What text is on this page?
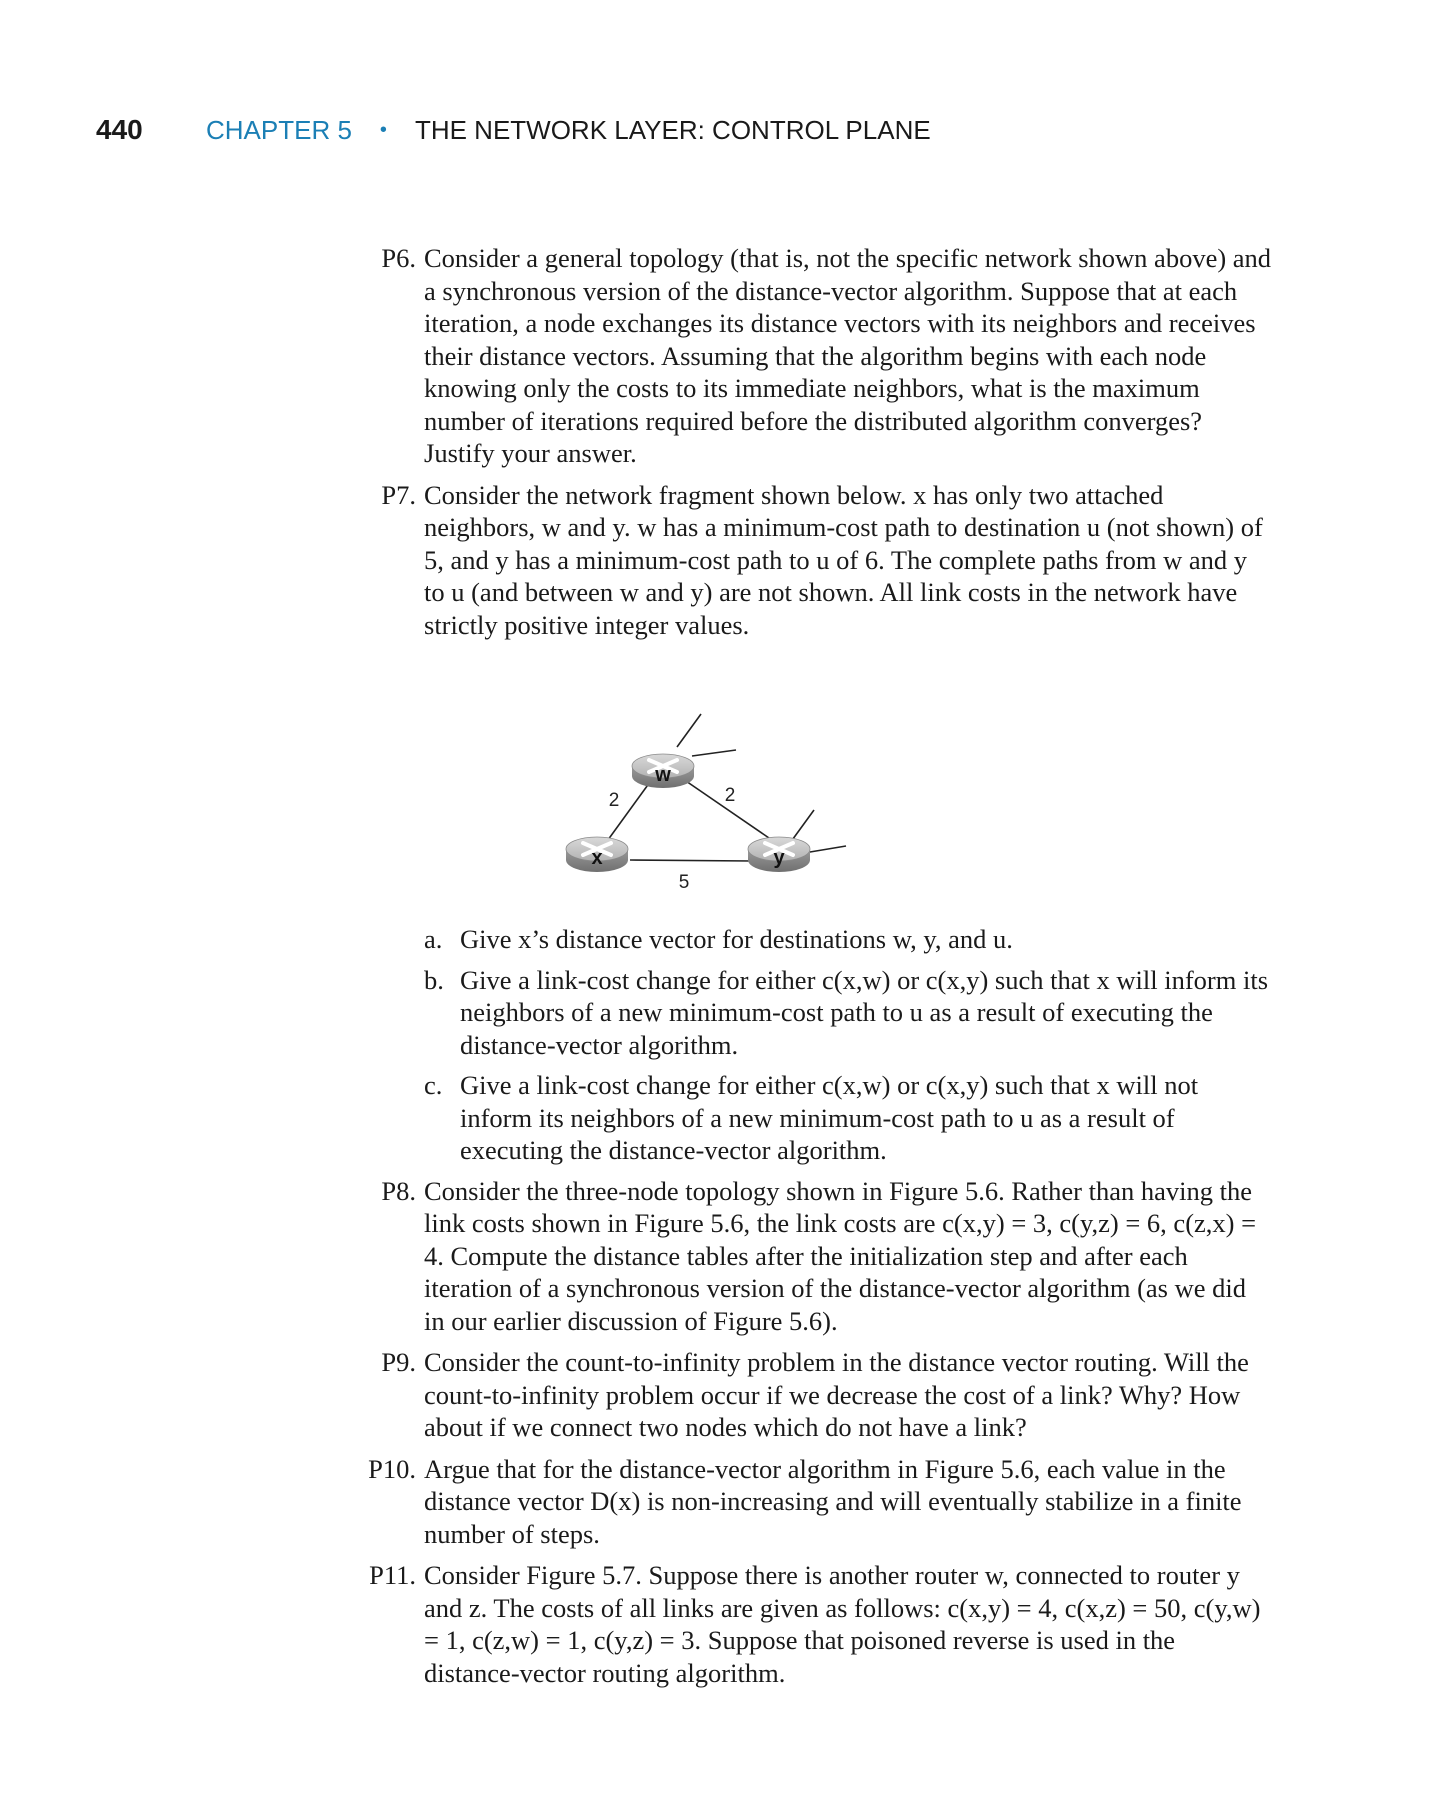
440	CHAPTER 5 • THE NETWORK LAYER: CONTROL PLANE
P6. Consider a general topology (that is, not the specific network shown above) and a synchronous version of the distance-vector algorithm. Suppose that at each iteration, a node exchanges its distance vectors with its neighbors and receives their distance vectors. Assuming that the algorithm begins with each node knowing only the costs to its immediate neighbors, what is the maximum number of iterations required before the distributed algorithm converges? Justify your answer.

P7. Consider the network fragment shown below. x has only two attached neighbors, w and y. w has a minimum-cost path to destination u (not shown) of 5, and y has a minimum-cost path to u of 6. The complete paths from w and y to u (and between w and y) are not shown. All link costs in the network have strictly positive integer values.

w
x	y
2	2
5
a. Give x’s distance vector for destinations w, y, and u.
b. Give a link-cost change for either c(x,w) or c(x,y) such that x will inform its neighbors of a new minimum-cost path to u as a result of executing the distance-vector algorithm.
c. Give a link-cost change for either c(x,w) or c(x,y) such that x will not inform its neighbors of a new minimum-cost path to u as a result of executing the distance-vector algorithm.
P8. Consider the three-node topology shown in Figure 5.6. Rather than having the link costs shown in Figure 5.6, the link costs are c(x,y) = 3, c(y,z) = 6, c(z,x) = 4. Compute the distance tables after the initialization step and after each iteration of a synchronous version of the distance-vector algorithm (as we did in our earlier discussion of Figure 5.6).

P9. Consider the count-to-infinity problem in the distance vector routing. Will the count-to-infinity problem occur if we decrease the cost of a link? Why? How about if we connect two nodes which do not have a link?

P10. Argue that for the distance-vector algorithm in Figure 5.6, each value in the distance vector D(x) is non-increasing and will eventually stabilize in a finite number of steps.

P11. Consider Figure 5.7. Suppose there is another router w, connected to router y and z. The costs of all links are given as follows: c(x,y) = 4, c(x,z) = 50, c(y,w) = 1, c(z,w) = 1, c(y,z) = 3. Suppose that poisoned reverse is used in the distance-vector routing algorithm.
